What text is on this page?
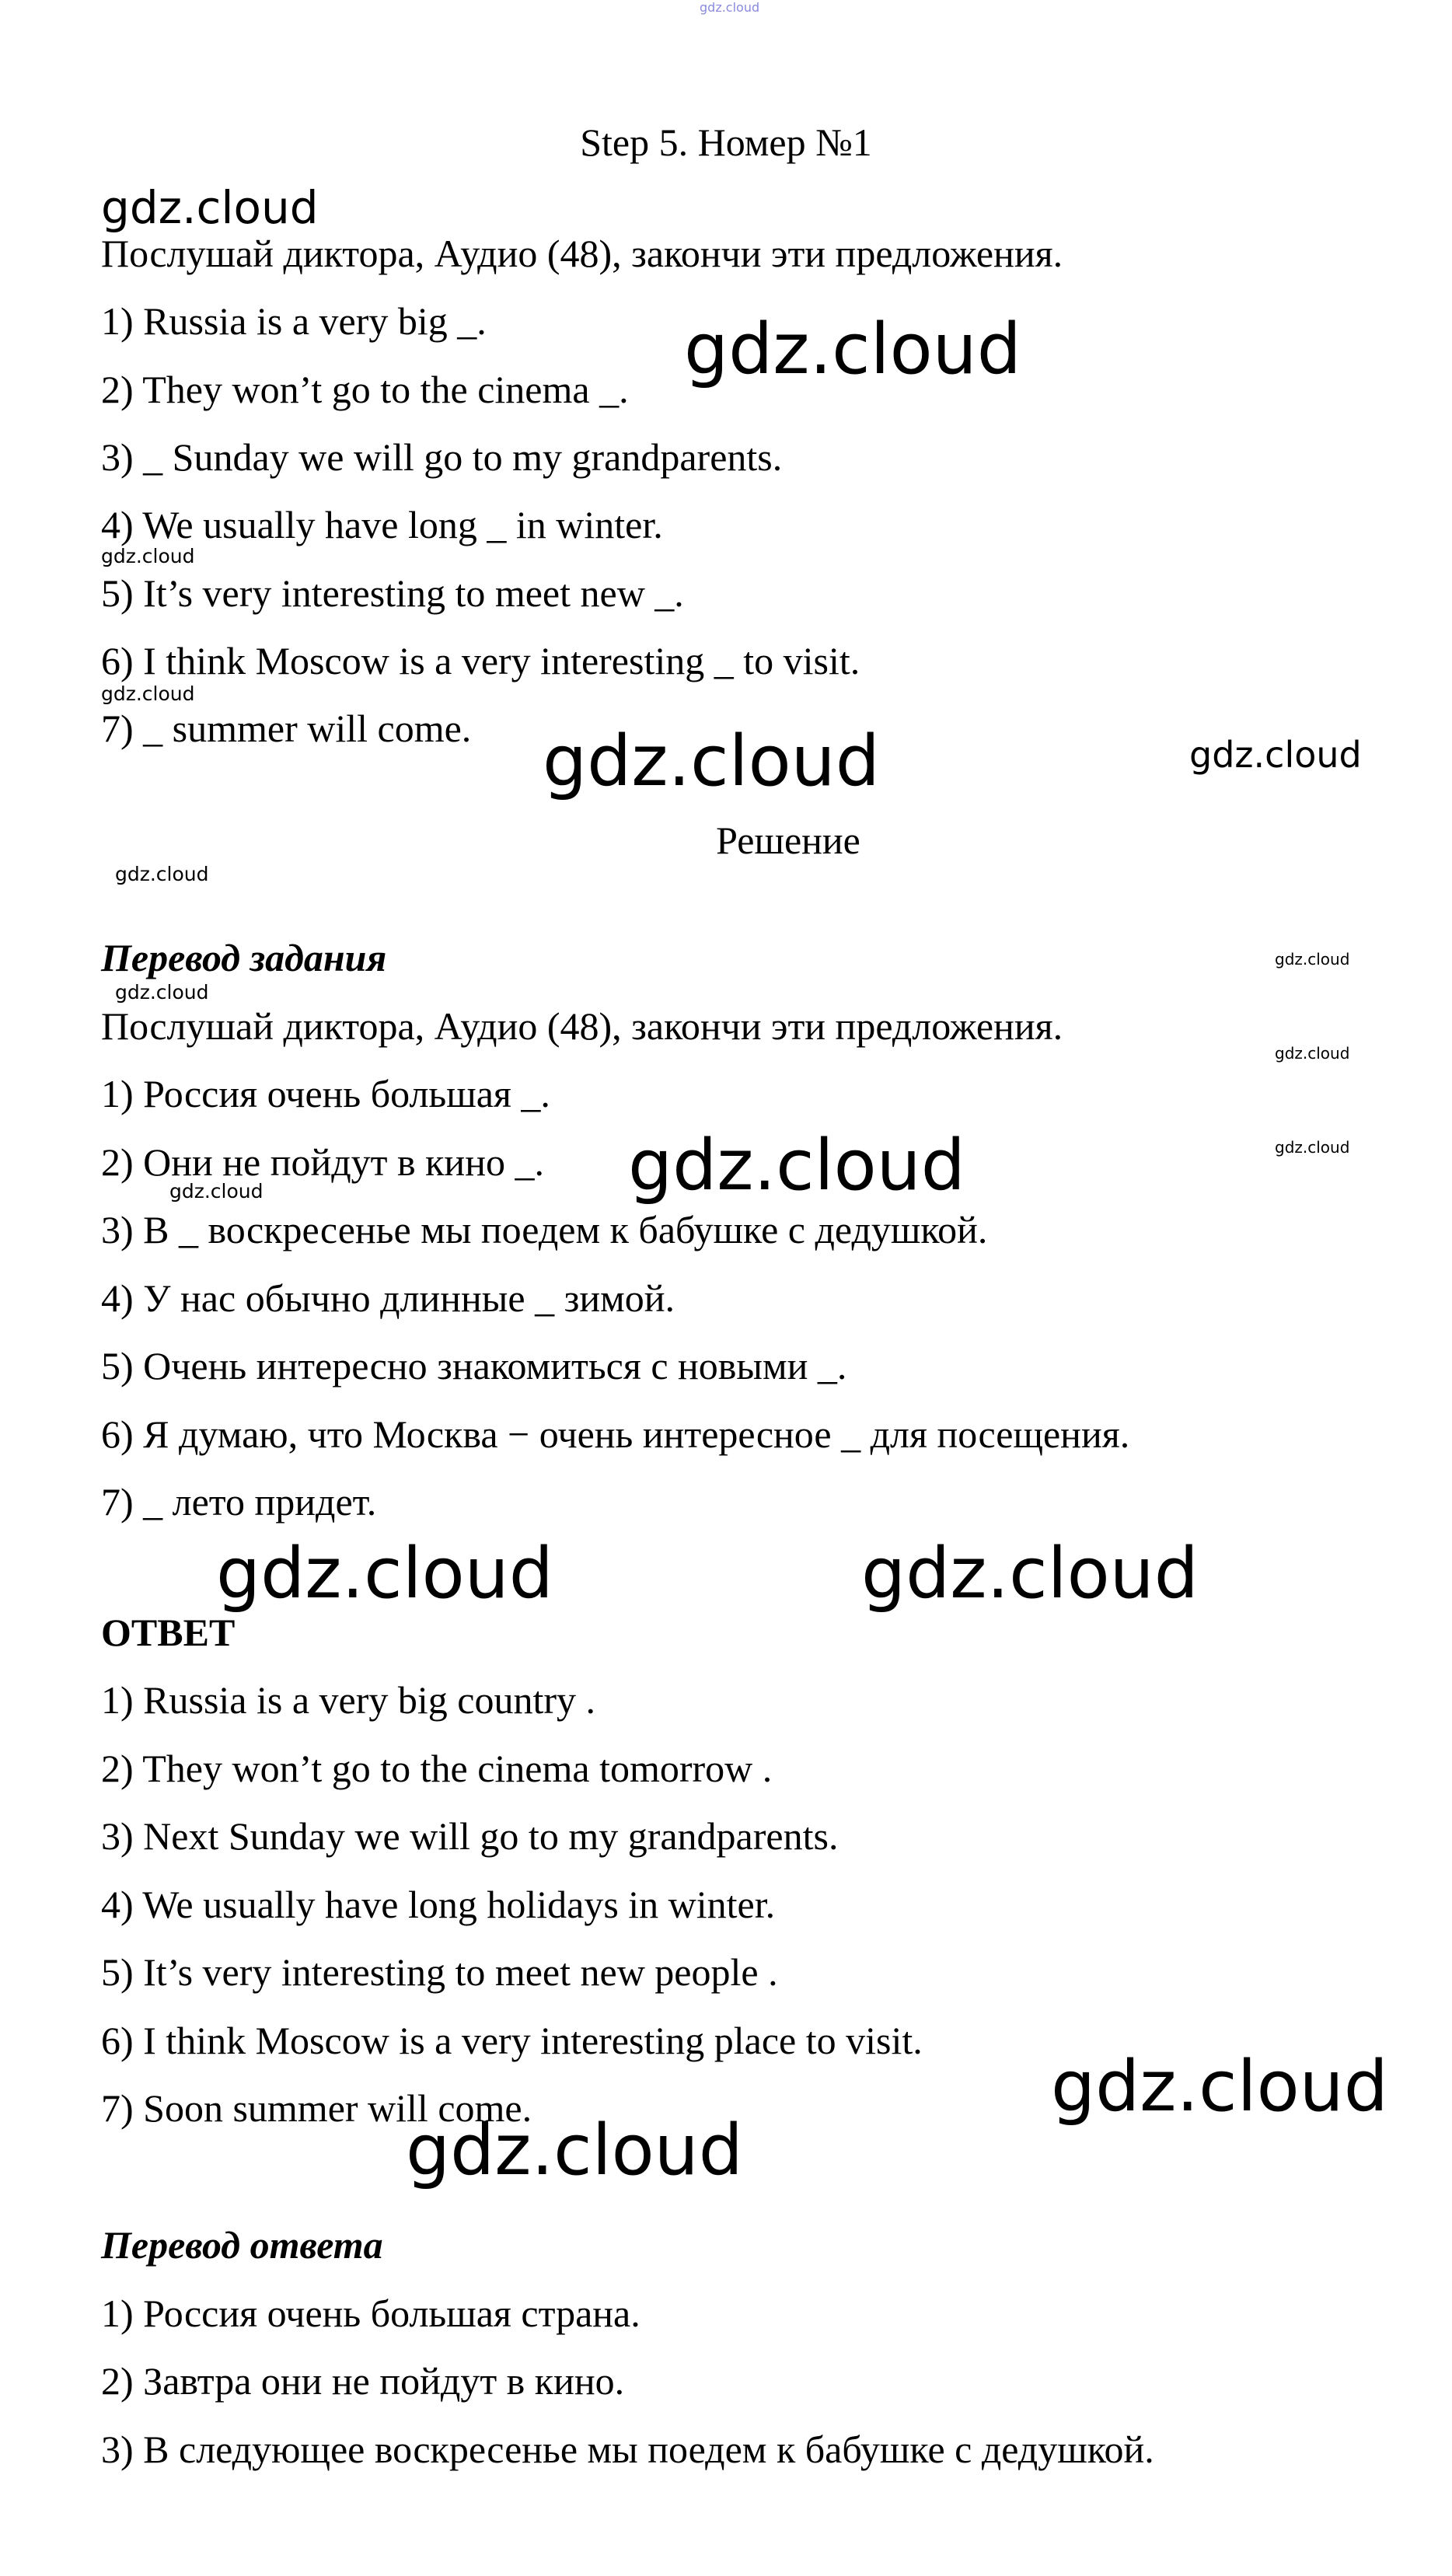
gdz.cloud
gdz.cloud
gdz.cloud
gdz.cloud
gdz.cloud
gdz.cloud	gdz.cloud
gdz.cloud
gdz.cloud
gdz.cloud
gdz.cloud
gdz.cloud
gdz.cloud
gdz.cloud
gdz.cloud	gdz.cloud
gdz.cloud
gdz.cloud
Step 5. Номер №1
Послушай диктора, Аудио (48), закончи эти предложения.
1) Russia is a very big _.
2) They won’t go to the cinema _.
3) _ Sunday we will go to my grandparents.
4) We usually have long _ in winter.
5) It’s very interesting to meet new _.
6) I think Moscow is a very interesting _ to visit.
7) _ summer will come.
Решение
Перевод задания
Послушай диктора, Аудио (48), закончи эти предложения.
1) Россия очень большая _.
2) Они не пойдут в кино _.
3) В _ воскресенье мы поедем к бабушке с дедушкой.
4) У нас обычно длинные _ зимой.
5) Очень интересно знакомиться с новыми _.
6) Я думаю, что Москва − очень интересное _ для посещения.
7) _ лето придет.
ОТВЕТ
1) Russia is a very big country .
2) They won’t go to the cinema tomorrow .
3) Next Sunday we will go to my grandparents.
4) We usually have long holidays in winter.
5) It’s very interesting to meet new people .
6) I think Moscow is a very interesting place to visit.
7) Soon summer will come.
Перевод ответа
1) Россия очень большая страна.
2) Завтра они не пойдут в кино.
3) В следующее воскресенье мы поедем к бабушке с дедушкой.
